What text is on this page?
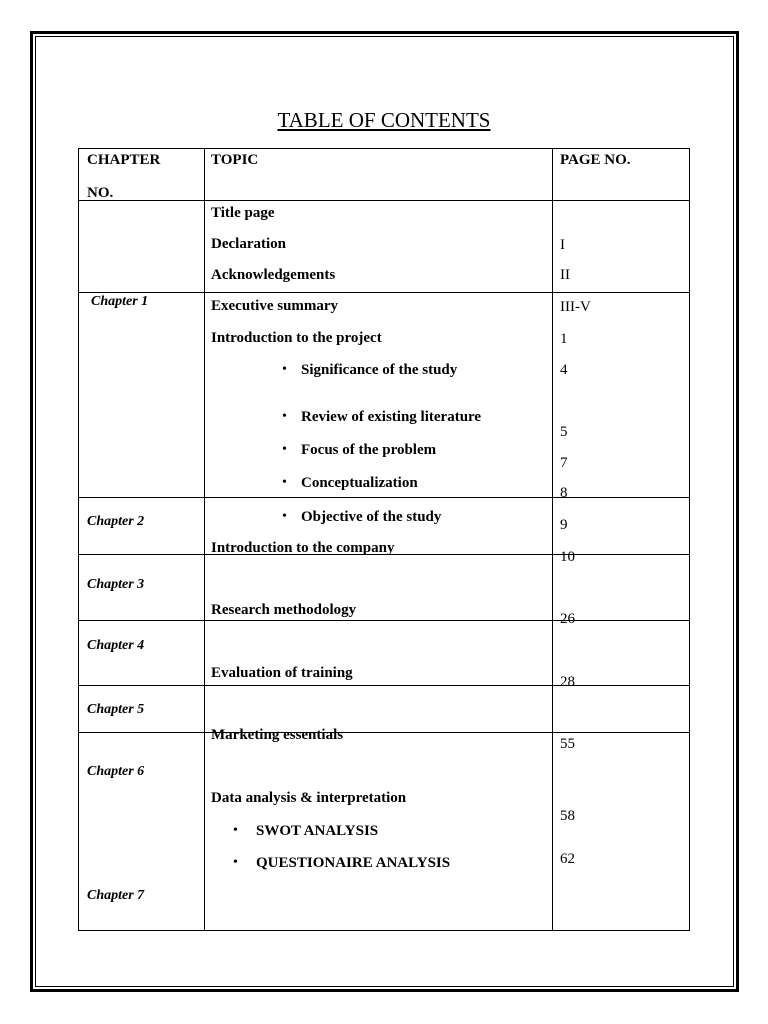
TABLE OF CONTENTS
CHAPTER
NO.
TOPIC	PAGE NO.
Chapter 1
Chapter 2
Chapter 3
Chapter 4
Chapter 5
Chapter 6
Chapter 7
Title page
Declaration
Acknowledgements
Executive summary
Introduction to the project
• Significance of the study
• Review of existing literature
• Focus of the problem
• Conceptualization
• Objective of the study
Introduction to the company
Research methodology
Evaluation of training
Marketing essentials
Data analysis & interpretation
• SWOT ANALYSIS
• QUESTIONAIRE ANALYSIS
I
II
III-V
1
4
5
7
8
9
10
26
28
55
58
62
